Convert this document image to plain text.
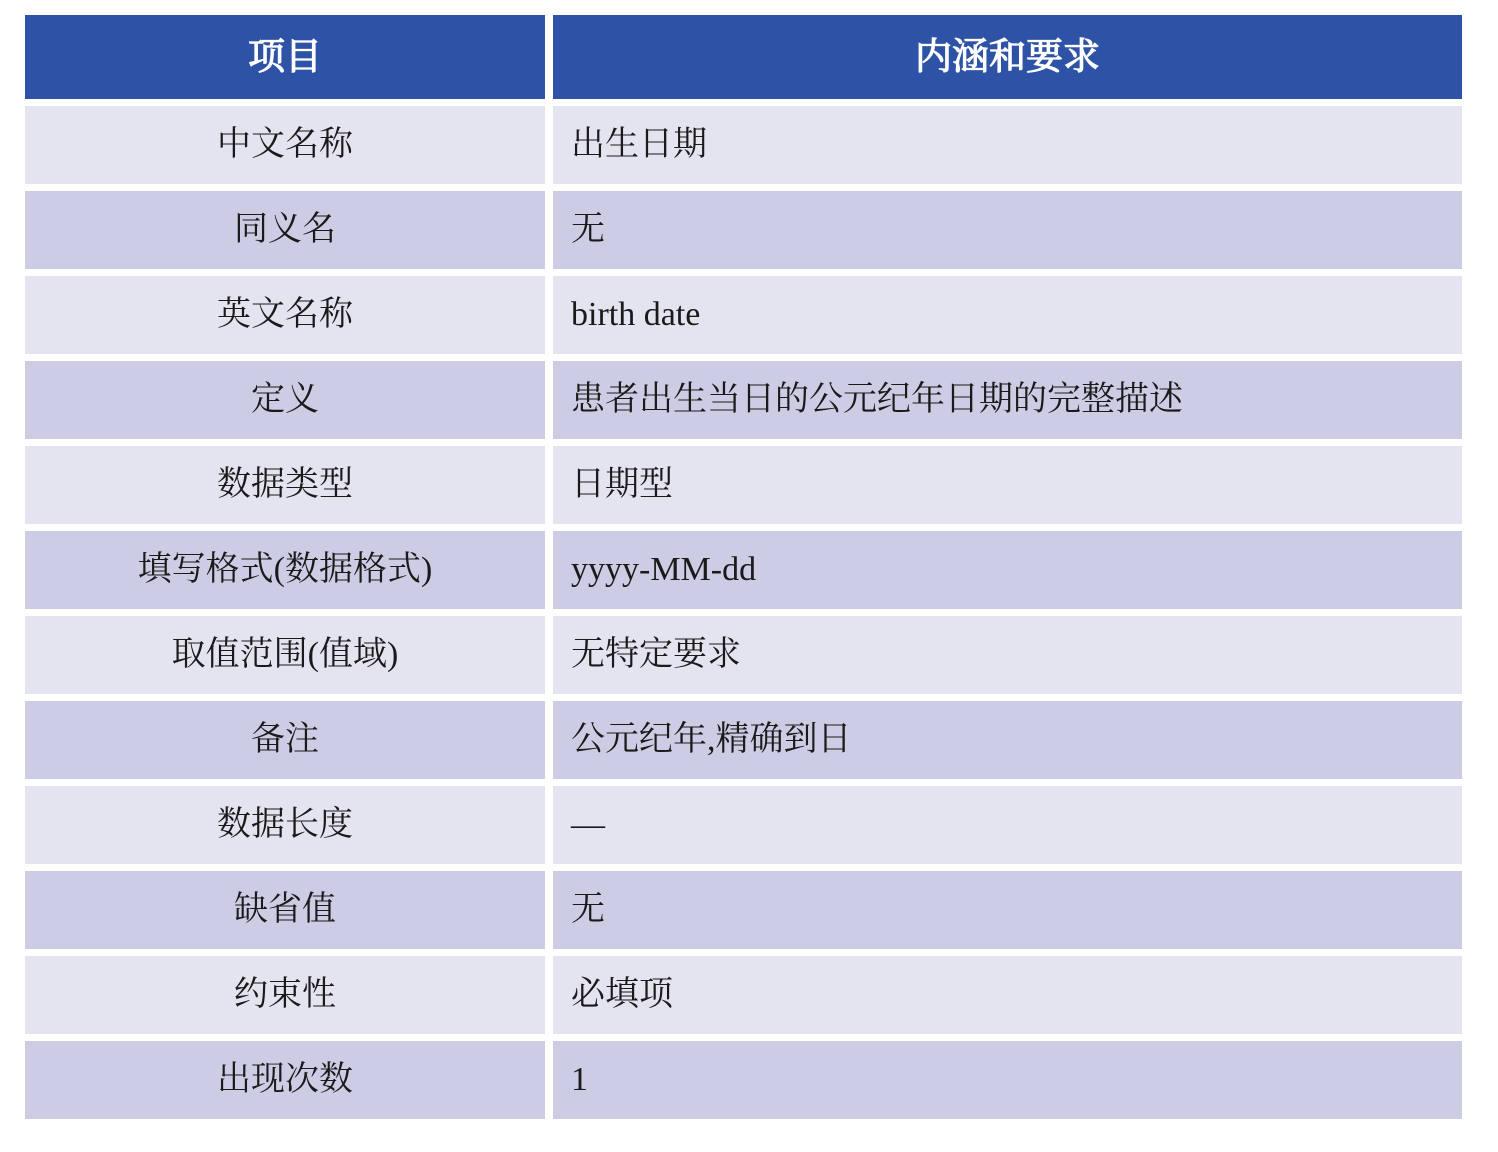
项目	内涵和要求
中文名称	出生日期
同义名	无
英文名称	birth date
定义	患者出生当日的公元纪年日期的完整描述
数据类型	日期型
填写格式(数据格式)	yyyy-MM-dd
取值范围(值域)	无特定要求
备注	公元纪年,精确到日
数据长度	—
缺省值	无
约束性	必填项
出现次数	1
